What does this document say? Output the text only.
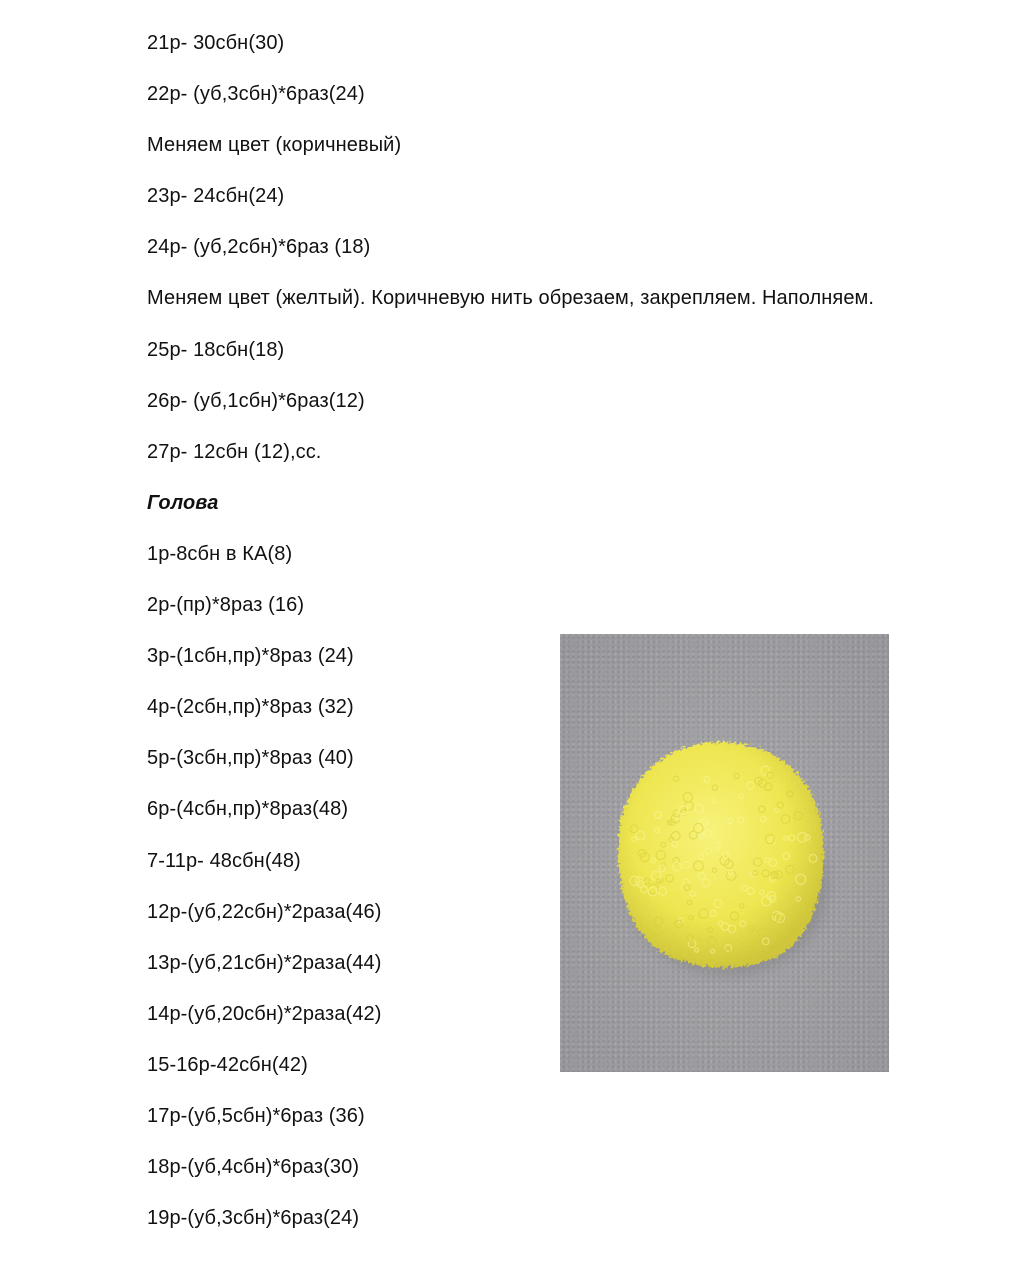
21р- 30сбн(30)
22р- (уб,3сбн)*6раз(24)
Меняем цвет (коричневый)
23р- 24сбн(24)
24р- (уб,2сбн)*6раз (18)
Меняем цвет (желтый). Коричневую нить обрезаем, закрепляем. Наполняем.
25р- 18сбн(18)
26р- (уб,1сбн)*6раз(12)
27р- 12сбн (12),сс.
Голова
1р-8сбн в КА(8)
2р-(пр)*8раз (16)
3р-(1сбн,пр)*8раз (24)
4р-(2сбн,пр)*8раз (32)
5р-(3сбн,пр)*8раз (40)
6р-(4сбн,пр)*8раз(48)
7-11р- 48сбн(48)
12р-(уб,22сбн)*2раза(46)
13р-(уб,21сбн)*2раза(44)
14р-(уб,20сбн)*2раза(42)
15-16р-42сбн(42)
17р-(уб,5сбн)*6раз (36)
18р-(уб,4сбн)*6раз(30)
19р-(уб,3сбн)*6раз(24)
